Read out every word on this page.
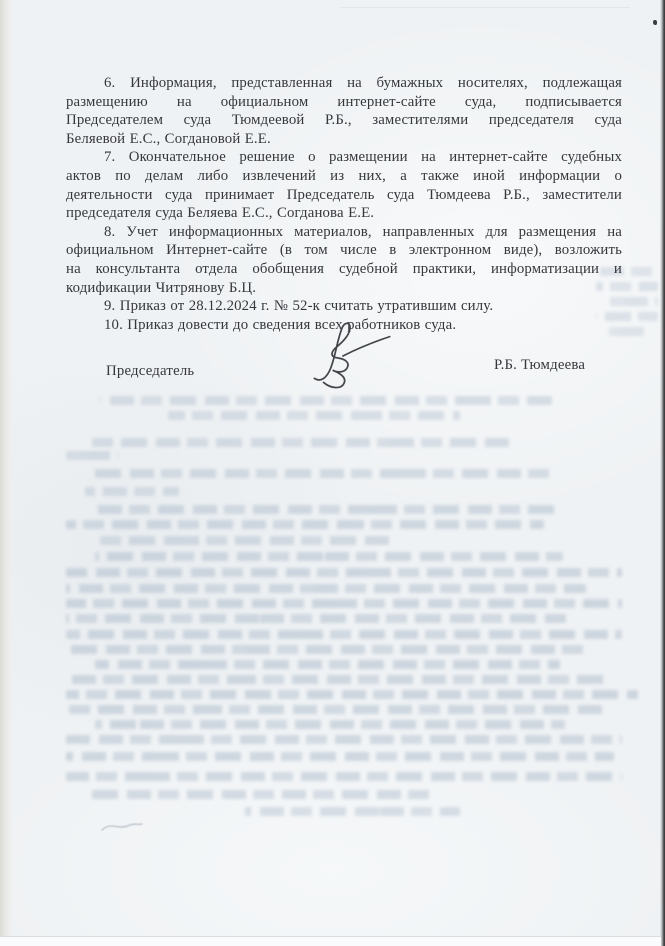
6. Информация, представленная на бумажных носителях, подлежащая
размещению на официальном интернет-сайте суда, подписывается
Председателем суда Тюмдеевой Р.Б., заместителями председателя суда
Беляевой Е.С., Согдановой Е.Е.
7. Окончательное решение о размещении на интернет-сайте судебных
актов по делам либо извлечений из них, а также иной информации о
деятельности суда принимает Председатель суда Тюмдеева Р.Б., заместители
председателя суда Беляева Е.С., Согданова Е.Е.
8. Учет информационных материалов, направленных для размещения на
официальном Интернет-сайте (в том числе в электронном виде), возложить
на консультанта отдела обобщения судебной практики, информатизации и
кодификации Читрянову Б.Ц.
9. Приказ от 28.12.2024 г. № 52-к считать утратившим силу.
10. Приказ довести до сведения всех работников суда.
Председатель	Р.Б. Тюмдеева
